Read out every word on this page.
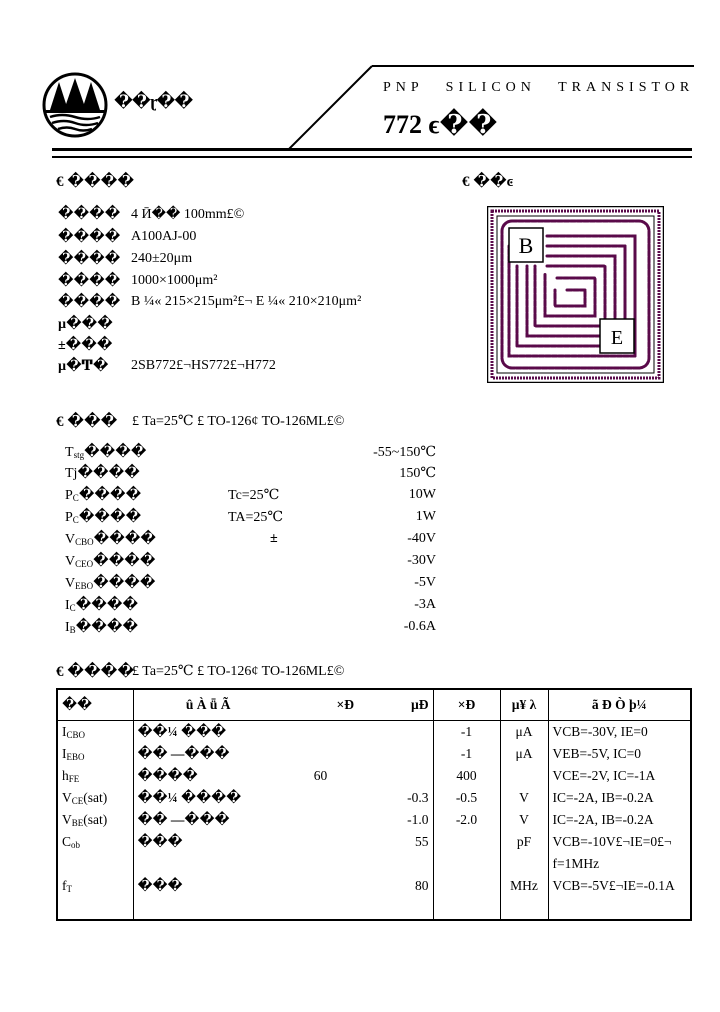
��ɽ��
PNP SILICON TRANSISTOR
772 ϵ��
€ ����
���� 4 Ӣ�� 100mm£©
���� A100AJ-00
���� 240±20μm
���� 1000×1000μm²
���� B ¼« 215×215μm²£¬ E ¼« 210×210μm²
µ���
±���
µ�Ͳ� 2SB772£¬HS772£¬H772
€ ��ͼ
B
E
€ ��� £ Ta=25℃ £ TO-126¢ TO-126ML£©
$T_{stg}����$	-55~150℃
Tj����	150℃
$P_C����$	Tc=25℃	10W
$P_C����$	TA=25℃	1W
$V_{CBO}����$	±	-40V
$V_{CEO}����$	-30V
$V_{EBO}����$	-5V
$I_C����$	-3A
$I_B����$	-0.6A
€ ����
£ Ta=25℃ £ TO-126¢ TO-126ML£©
��	û À ǖ Ã	×Ð	µÐ	×Ð	µ¥ λ	ã Ð Ò þ¼
$I_{CBO}$	��¼ ���			-1	μA	VCB=-30V, IE=0
$I_{EBO}$	�� —���			-1	μA	VEB=-5V, IC=0
$h_{FE}$	����	60		400		VCE=-2V, IC=-1A
$V_{CE}(sat)$	��¼ ����		-0.3	-0.5	V	IC=-2A, IB=-0.2A
$V_{BE}(sat)$	�� —���		-1.0	-2.0	V	IC=-2A, IB=-0.2A
$C_{ob}$	���		55		pF	VCB=-10V£¬IE=0£¬
						f=1MHz
$f_T$	���		80		MHz	VCB=-5V£¬IE=-0.1A
